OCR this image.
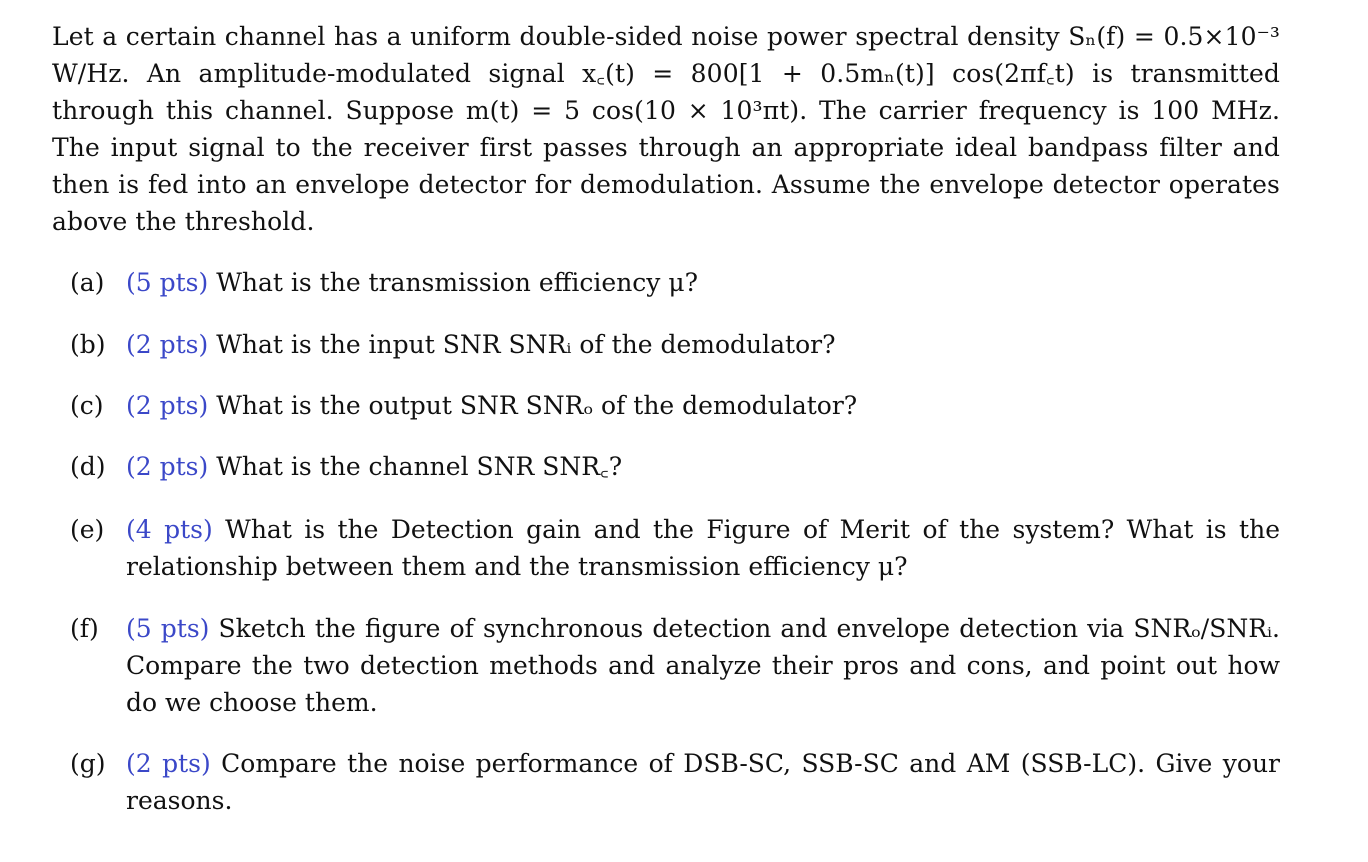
Let a certain channel has a uniform double-sided noise power spectral density Sₙ(f) = 0.5×10⁻³ W/Hz. An amplitude-modulated signal x꜀(t) = 800[1 + 0.5mₙ(t)] cos(2πf꜀t) is transmitted through this channel. Suppose m(t) = 5 cos(10 × 10³πt). The carrier frequency is 100 MHz. The input signal to the receiver first passes through an appropriate ideal bandpass filter and then is fed into an envelope detector for demodulation. Assume the envelope detector operates above the threshold.

(a) (5 pts) What is the transmission efficiency μ?
(b) (2 pts) What is the input SNR SNRᵢ of the demodulator?
(c) (2 pts) What is the output SNR SNRₒ of the demodulator?
(d) (2 pts) What is the channel SNR SNR꜀?
(e) (4 pts) What is the Detection gain and the Figure of Merit of the system? What is the relationship between them and the transmission efficiency μ?
(f) (5 pts) Sketch the figure of synchronous detection and envelope detection via SNRₒ/SNRᵢ. Compare the two detection methods and analyze their pros and cons, and point out how do we choose them.
(g) (2 pts) Compare the noise performance of DSB-SC, SSB-SC and AM (SSB-LC). Give your reasons.
